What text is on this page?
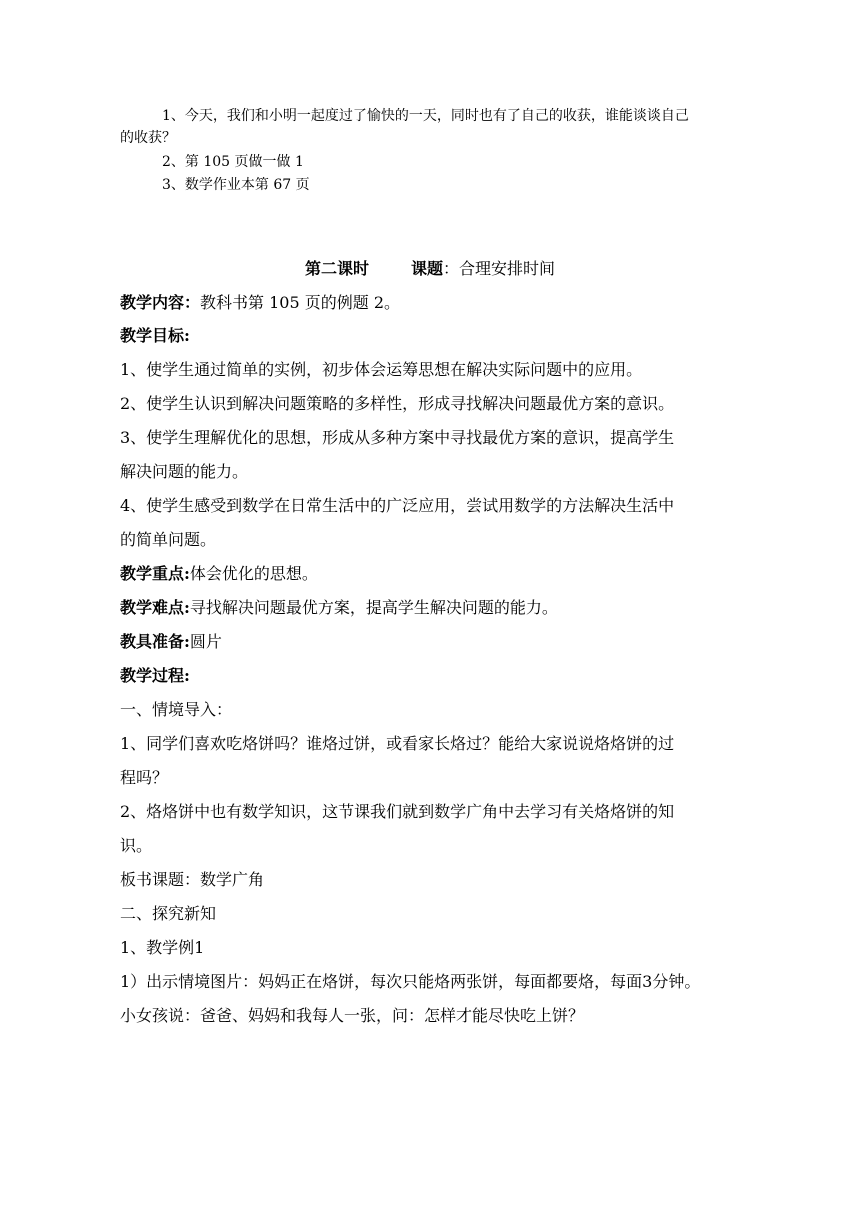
1、今天，我们和小明一起度过了愉快的一天，同时也有了自己的收获，谁能谈谈自己
的收获？
2、第 105 页做一做 1
3、数学作业本第 67 页
第二课时	课题：合理安排时间
教学内容：教科书第 105 页的例题 2。
教学目标:
1、使学生通过简单的实例，初步体会运筹思想在解决实际问题中的应用。
2、使学生认识到解决问题策略的多样性，形成寻找解决问题最优方案的意识。
3、使学生理解优化的思想，形成从多种方案中寻找最优方案的意识，提高学生
解决问题的能力。
4、使学生感受到数学在日常生活中的广泛应用，尝试用数学的方法解决生活中
的简单问题。
教学重点:体会优化的思想。
教学难点:寻找解决问题最优方案，提高学生解决问题的能力。
教具准备:圆片
教学过程:
一、情境导入：
1、同学们喜欢吃烙饼吗？谁烙过饼，或看家长烙过？能给大家说说烙烙饼的过
程吗？
2、烙烙饼中也有数学知识，这节课我们就到数学广角中去学习有关烙烙饼的知
识。
板书课题：数学广角
二、探究新知
1、教学例1
1）出示情境图片：妈妈正在烙饼，每次只能烙两张饼，每面都要烙，每面3分钟。
小女孩说：爸爸、妈妈和我每人一张，问：怎样才能尽快吃上饼？
